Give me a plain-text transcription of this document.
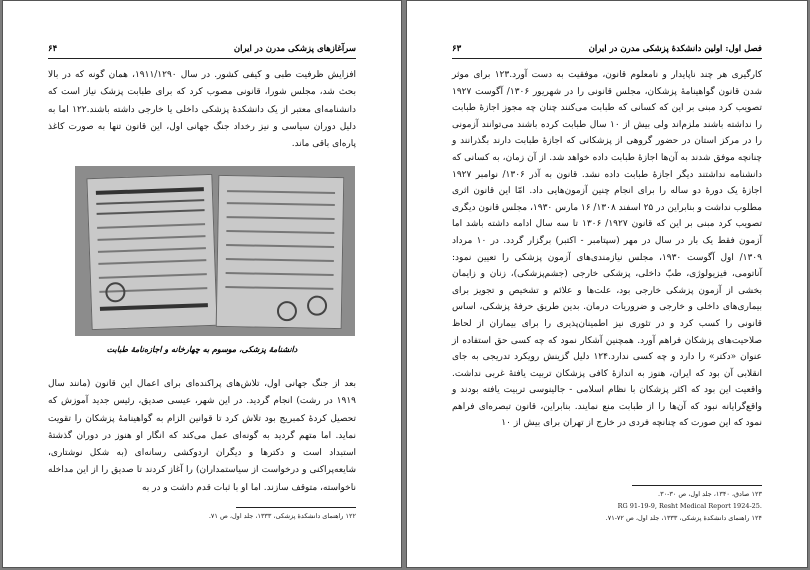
سرآغازهای پزشکی مدرن در ایران
۶۴

افزایش ظرفیت طبی و کیفی کشور. در سال ۱۹۱۱/۱۲۹۰، همان گونه که در بالا بحث شد، مجلس شورا، قانونی مصوب کرد که برای طبابت پزشک نیاز است که دانشنامه‌ای معتبر از یک دانشکدهٔ پزشکی داخلی یا خارجی داشته باشند.۱۲۲ اما به دلیل دوران سیاسی و نیز رخداد جنگ جهانی اول، این قانون تنها به صورت کاغذ پاره‌ای باقی ماند.

دانشنامهٔ پزشکی، موسوم به چهارخانه و اجازه‌نامهٔ طبابت

بعد از جنگ جهانی اول، تلاش‌های پراکنده‌ای برای اعمال این قانون (مانند سال ۱۹۱۹ در رشت) انجام گردید. در این شهر، عیسی صدیق، رئیس جدید آموزش که تحصیل کردهٔ کمبریج بود تلاش کرد تا قوانین الزام به گواهینامهٔ پزشکان را تقویت نماید. اما متهم گردید به گونه‌ای عمل می‌کند که انگار او هنوز در دوران گذشتهٔ استبداد است و دکترها و دیگران اردوکشی رسانه‌ای (به شکل نوشتاری، شایعه‌پراکنی و درخواست از سیاستمداران) را آغاز کردند تا صدیق را از این مداخله ناخواسته، متوقف سازند. اما او با ثبات قدم داشت و در به

۱۲۲ راهنمای دانشکدهٔ پزشکی، ۱۳۳۳، جلد اول، ص ۷۱.
فصل اول: اولین دانشکدهٔ پزشکی مدرن در ایران
۶۳

کارگیری هر چند ناپایدار و نامعلوم قانون، موفقیت به دست آورد.۱۲۳ برای موثر شدن قانون گواهینامهٔ پزشکان، مجلس قانونی را در شهریور ۱۳۰۶/ آگوست ۱۹۲۷ تصویب کرد مبنی بر این که کسانی که طبابت می‌کنند چنان چه مجوز اجازهٔ طبابت را نداشته باشند ملزم‌اند ولی بیش از ۱۰ سال طبابت کرده باشند می‌توانند آزمونی را در مرکز استان در حضور گروهی از پزشکانی که اجازهٔ طبابت دارند بگذرانند و چنانچه موفق شدند به آن‌ها اجازهٔ طبابت داده خواهد شد. از آن زمان، به کسانی که دانشنامه نداشتند دیگر اجازهٔ طبابت داده نشد. قانون به آذر ۱۳۰۶/ نوامبر ۱۹۲۷ اجازهٔ یک دورهٔ دو ساله را برای انجام چنین آزمون‌هایی داد. امّا این قانون اثری مطلوب نداشت و بنابراین در ۲۵ اسفند ۱۳۰۸/ ۱۶ مارس ۱۹۳۰، مجلس قانون دیگری تصویب کرد مبنی بر این که قانون ۱۹۲۷/ ۱۳۰۶ تا سه سال ادامه داشته باشد اما آزمون فقط یک بار در سال در مهر (سپتامبر - اکتبر) برگزار گردد. در ۱۰ مرداد ۱۳۰۹/ اول آگوست ۱۹۳۰، مجلس نیازمندی‌های آزمون پزشکی را تعیین نمود: آناتومی، فیزیولوژی، طبّ داخلی، پزشکی خارجی (جشم‌پزشکی)، زنان و زایمان بخشی از آزمون پزشکی خارجی بود، علت‌ها و علائم و تشخیص و تجویز برای بیماری‌های داخلی و خارجی و ضروریات درمان. بدین طریق حرفهٔ پزشکی، اساس قانونی را کسب کرد و در تئوری نیز اطمینان‌پذیری را برای بیماران از لحاظ صلاحیت‌های پزشکان فراهم آورد. همچنین آشکار نمود که چه کسی حق استفاده از عنوان «دکتر» را دارد و چه کسی ندارد.۱۲۴ دلیل گزینش رویکرد تدریجی به جای انقلابی آن بود که ایران، هنوز به اندازهٔ کافی پزشکان تربیت یافتهٔ غربی نداشت. واقعیت این بود که اکثر پزشکان با نظام اسلامی - جالینوسی تربیت یافته بودند و واقع‌گرایانه نبود که آن‌ها را از طبابت منع نمایند. بنابراین، قانون تبصره‌ای فراهم نمود که این صورت که چنانچه فردی در خارج از تهران برای بیش از ۱۰

۱۲۳ صادق، ۱۳۴۰، جلد اول، ص ۳۰-۳۰.
RG 91-19-9, Resht Medical Report 1924-25.
۱۲۴ راهنمای دانشکدهٔ پزشکی، ۱۳۳۳، جلد اول، ص ۷۲-۷۱.
